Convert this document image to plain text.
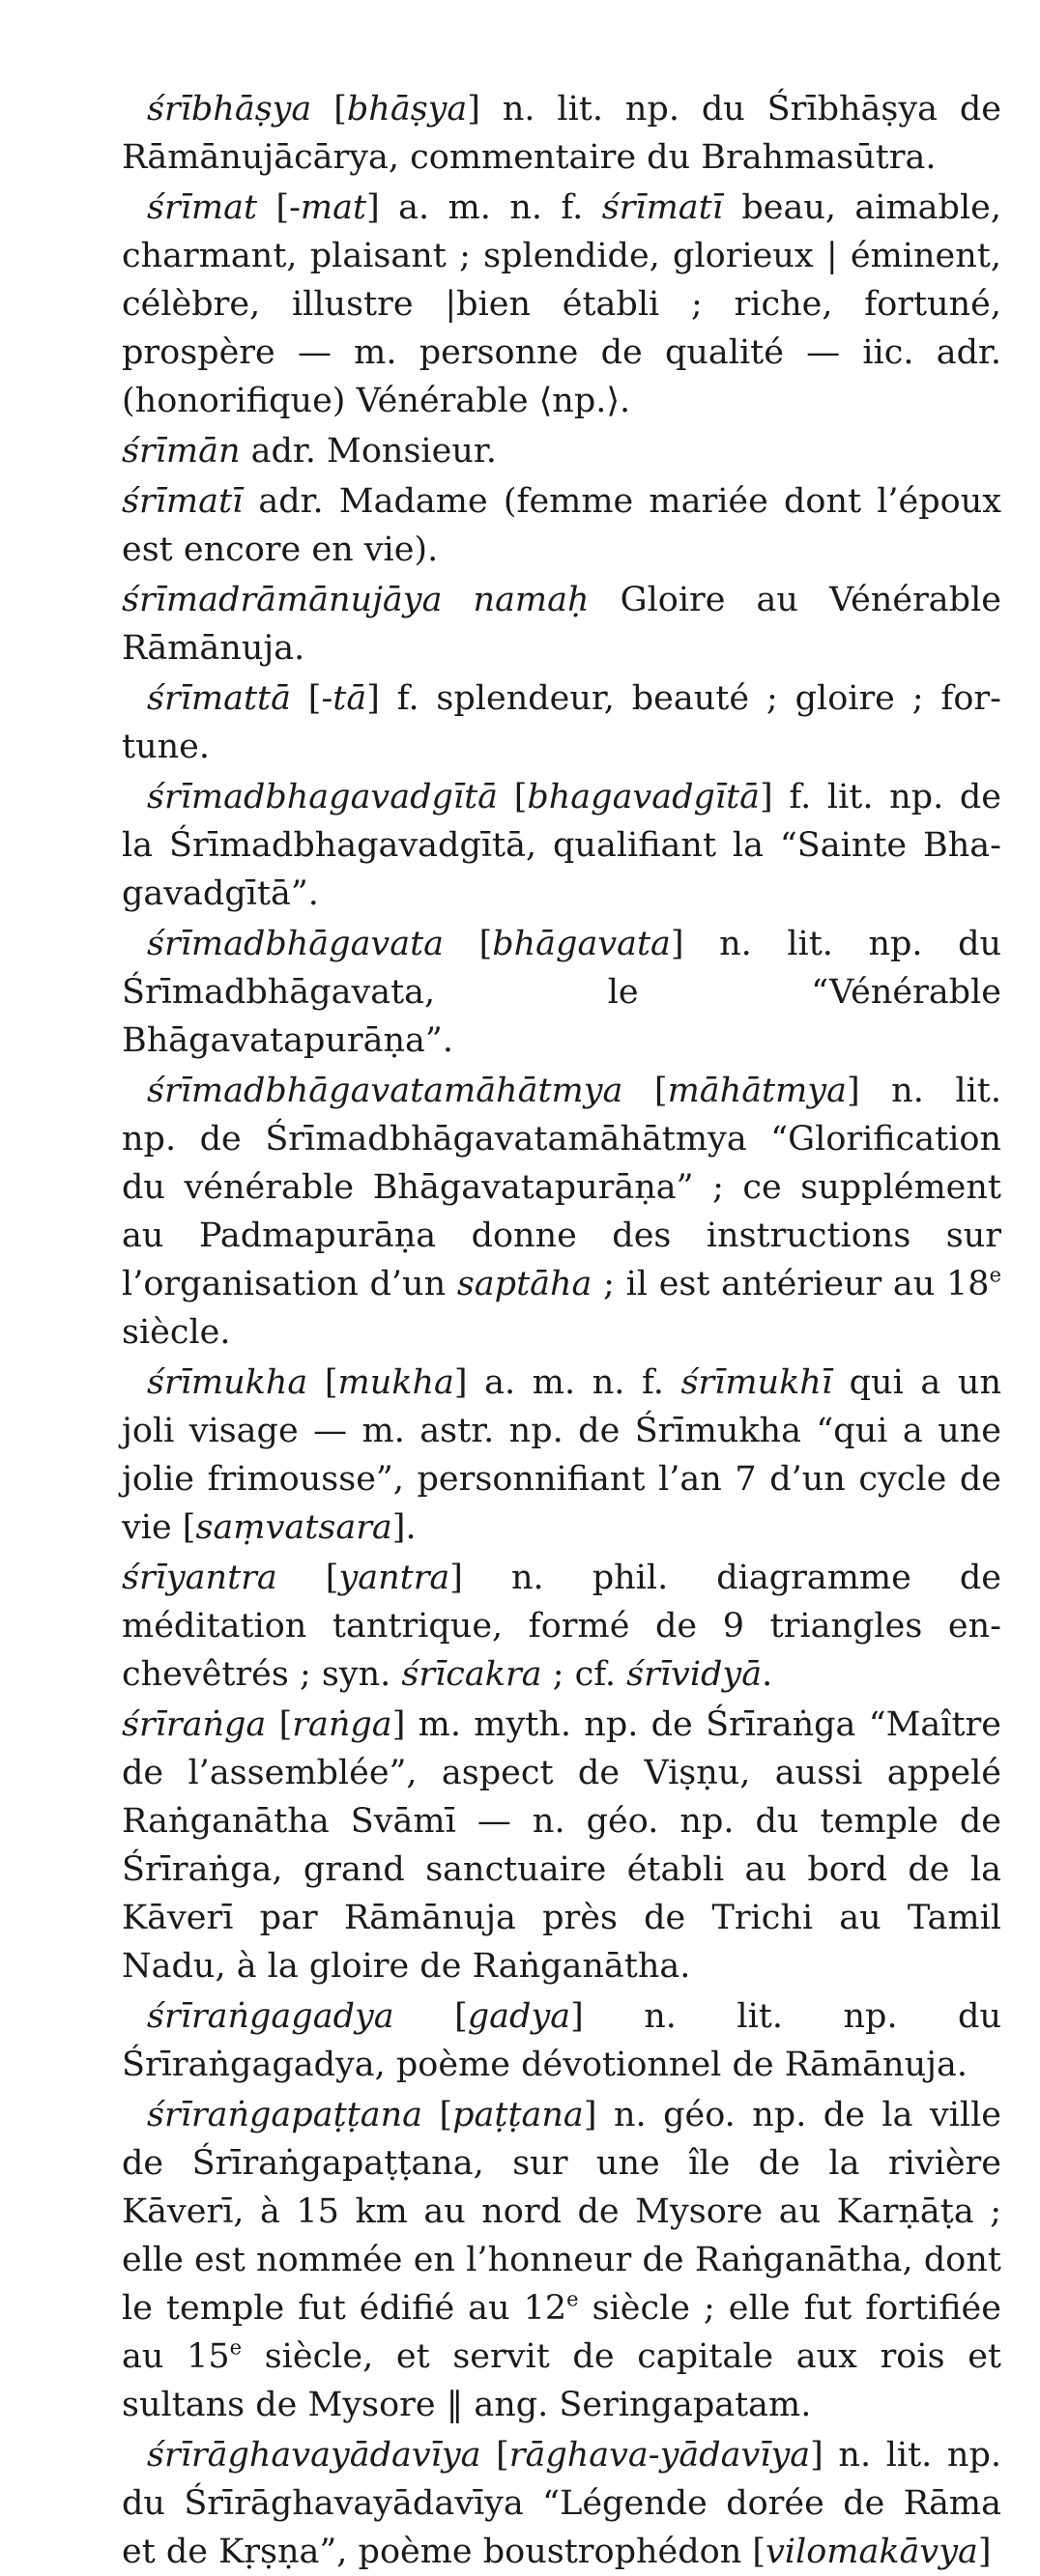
śrībhāṣya [bhāṣya] n. lit. np. du Śrībhāṣya de Rāmānujācārya, commentaire du Brahmasūtra.

śrīmat [-mat] a. m. n. f. śrīmatī beau, aimable, charmant, plaisant ; splendide, glorieux | éminent, célèbre, illustre |bien établi ; riche, fortuné, prospère — m. personne de qualité — iic. adr. (honorifique) Vénérable ⟨np.⟩.

śrīmān adr. Monsieur.

śrīmatī adr. Madame (femme mariée dont l’époux est encore en vie).

śrīmadrāmānujāya namaḥ Gloire au Vénérable Rāmānuja.

śrīmattā [-tā] f. splendeur, beauté ; gloire ; fortune.

śrīmadbhagavadgītā [bhagavadgītā] f. lit. np. de la Śrīmadbhagavadgītā, qualifiant la “Sainte Bhagavadgītā”.

śrīmadbhāgavata [bhāgavata] n. lit. np. du Śrīmadbhāgavata, le “Vénérable Bhāgavatapurāṇa”.

śrīmadbhāgavatamāhātmya [māhātmya] n. lit. np. de Śrīmadbhāgavatamāhātmya “Glorification du vénérable Bhāgavatapurāṇa” ; ce supplément au Padmapurāṇa donne des instructions sur l’organisation d’un saptāha ; il est antérieur au 18e siècle.

śrīmukha [mukha] a. m. n. f. śrīmukhī qui a un joli visage — m. astr. np. de Śrīmukha “qui a une jolie frimousse”, personnifiant l’an 7 d’un cycle de vie [saṃvatsara].

śrīyantra [yantra] n. phil. diagramme de méditation tantrique, formé de 9 triangles enchevêtrés ; syn. śrīcakra ; cf. śrīvidyā.

śrīraṅga [raṅga] m. myth. np. de Śrīraṅga “Maître de l’assemblée”, aspect de Viṣṇu, aussi appelé Raṅganātha Svāmī — n. géo. np. du temple de Śrīraṅga, grand sanctuaire établi au bord de la Kāverī par Rāmānuja près de Trichi au Tamil Nadu, à la gloire de Raṅganātha.

śrīraṅgagadya [gadya] n. lit. np. du Śrīraṅgagadya, poème dévotionnel de Rāmānuja.

śrīraṅgapaṭṭana [paṭṭana] n. géo. np. de la ville de Śrīraṅgapaṭṭana, sur une île de la rivière Kāverī, à 15 km au nord de Mysore au Karṇāṭa ; elle est nommée en l’honneur de Raṅganātha, dont le temple fut édifié au 12e siècle ; elle fut fortifiée au 15e siècle, et servit de capitale aux rois et sultans de Mysore ‖ ang. Seringapatam.

śrīrāghavayādavīya [rāghava-yādavīya] n. lit. np. du Śrīrāghavayādavīya “Légende dorée de Rāma et de Kṛṣṇa”, poème boustrophédon [vilomakāvya]
